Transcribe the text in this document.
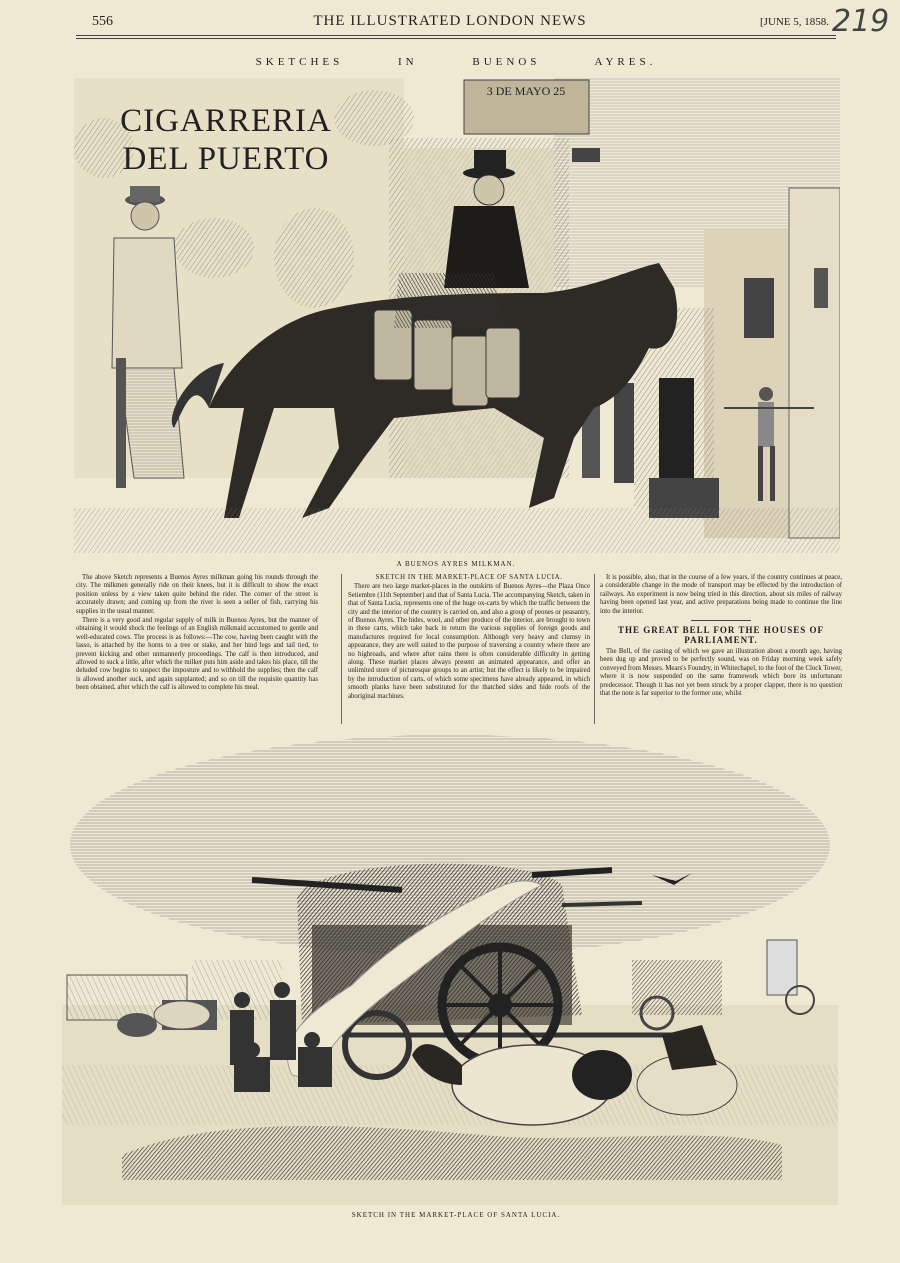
556	THE ILLUSTRATED LONDON NEWS	[JUNE 5, 1858. 219
SKETCHES IN BUENOS AYRES.
CIGARRERIA DEL PUERTO
3 DE MAYO 25
A BUENOS AYRES MILKMAN.

The above Sketch represents a Buenos Ayres milkman going his rounds through the city. The milkmen generally ride on their knees, but it is difficult to show the exact position unless by a view taken quite behind the rider. The corner of the street is accurately drawn; and coming up from the river is seen a seller of fish, carrying his supplies in the usual manner.

There is a very good and regular supply of milk in Buenos Ayres, but the manner of obtaining it would shock the feelings of an English milkmaid accustomed to gentle and well-educated cows. The process is as follows:—The cow, having been caught with the lasso, is attached by the horns to a tree or stake, and her hind legs and tail tied, to prevent kicking and other unmannerly proceedings. The calf is then introduced, and allowed to suck a little, after which the milker puts him aside and takes his place, till the deluded cow begins to suspect the imposture and to withhold the supplies; then the calf is allowed another suck, and again supplanted; and so on till the requisite quantity has been obtained, after which the calf is allowed to complete his meal.

SKETCH IN THE MARKET-PLACE OF SANTA LUCIA.

There are two large market-places in the outskirts of Buenos Ayres—the Plaza Once Setiembre (11th September) and that of Santa Lucia. The accompanying Sketch, taken in that of Santa Lucia, represents one of the huge ox-carts by which the traffic between the city and the interior of the country is carried on, and also a group of peones or peasantry, of Buenos Ayres. The hides, wool, and other produce of the interior, are brought to town in these carts, which take back in return the various supplies of foreign goods and manufactures required for local consumption. Although very heavy and clumsy in appearance, they are well suited to the purpose of traversing a country where there are no highroads, and where after rains there is often considerable difficulty in getting along. These market places always present an animated appearance, and offer an unlimited store of picturesque groups to an artist; but the effect is likely to be impaired by the introduction of carts, of which some specimens have already appeared, in which smooth planks have been substituted for the thatched sides and hide roofs of the aboriginal machines.

It is possible, also, that in the course of a few years, if the country continues at peace, a considerable change in the mode of transport may be effected by the introduction of railways. An experiment is now being tried in this direction, about six miles of railway having been opened last year, and active preparations being made to continue the line into the interior.

THE GREAT BELL FOR THE HOUSES OF PARLIAMENT.

The Bell, of the casting of which we gave an illustration about a month ago, having been dug up and proved to be perfectly sound, was on Friday morning week safely conveyed from Messrs. Mears's Foundry, in Whitechapel, to the foot of the Clock Tower, where it is now suspended on the same framework which bore its unfortunate predecessor. Though it has not yet been struck by a proper clapper, there is no question that the note is far superior to the former one, whilst

SKETCH IN THE MARKET-PLACE OF SANTA LUCIA.
